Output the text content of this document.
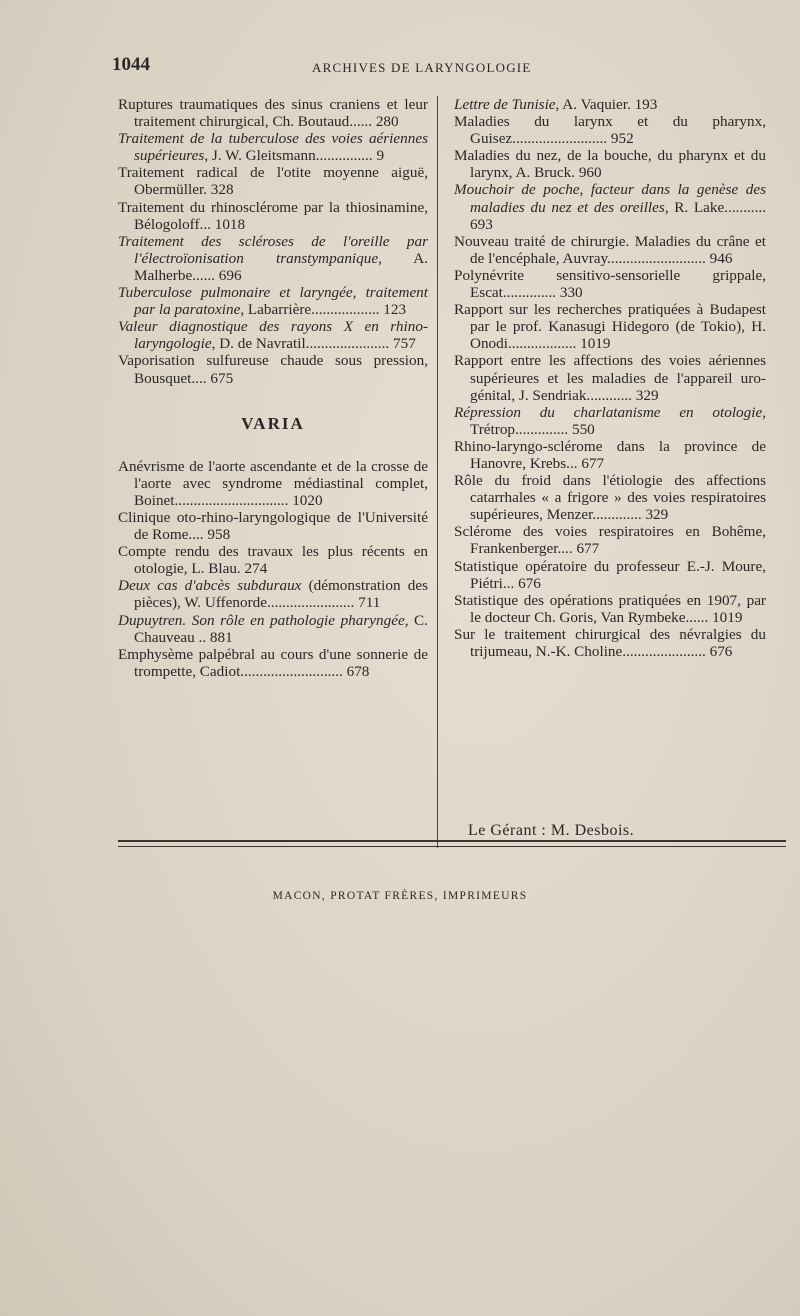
1044	ARCHIVES DE LARYNGOLOGIE

Ruptures traumatiques des sinus craniens et leur traitement chirurgical, Ch. Boutaud...... 280

Traitement de la tuberculose des voies aériennes supérieures, J. W. Gleitsmann............... 9

Traitement radical de l'otite moyenne aiguë, Obermüller. 328

Traitement du rhinosclérome par la thiosinamine, Bélogoloff... 1018

Traitement des scléroses de l'oreille par l'électroïonisation transtympanique, A. Malherbe...... 696

Tuberculose pulmonaire et laryngée, traitement par la paratoxine, Labarrière.................. 123

Valeur diagnostique des rayons X en rhino-laryngologie, D. de Navratil...................... 757

Vaporisation sulfureuse chaude sous pression, Bousquet.... 675

VARIA

Anévrisme de l'aorte ascendante et de la crosse de l'aorte avec syndrome médiastinal complet, Boinet.............................. 1020

Clinique oto-rhino-laryngologique de l'Université de Rome.... 958

Compte rendu des travaux les plus récents en otologie, L. Blau. 274

Deux cas d'abcès subduraux (démonstration des pièces), W. Uffenorde....................... 711

Dupuytren. Son rôle en pathologie pharyngée, C. Chauveau .. 881

Emphysème palpébral au cours d'une sonnerie de trompette, Cadiot........................... 678

Lettre de Tunisie, A. Vaquier. 193

Maladies du larynx et du pharynx, Guisez......................... 952

Maladies du nez, de la bouche, du pharynx et du larynx, A. Bruck. 960

Mouchoir de poche, facteur dans la genèse des maladies du nez et des oreilles, R. Lake........... 693

Nouveau traité de chirurgie. Maladies du crâne et de l'encéphale, Auvray.......................... 946

Polynévrite sensitivo-sensorielle grippale, Escat.............. 330

Rapport sur les recherches pratiquées à Budapest par le prof. Kanasugi Hidegoro (de Tokio), H. Onodi.................. 1019

Rapport entre les affections des voies aériennes supérieures et les maladies de l'appareil uro-génital, J. Sendriak............ 329

Répression du charlatanisme en otologie, Trétrop.............. 550

Rhino-laryngo-sclérome dans la province de Hanovre, Krebs... 677

Rôle du froid dans l'étiologie des affections catarrhales « a frigore » des voies respiratoires supérieures, Menzer............. 329

Sclérome des voies respiratoires en Bohême, Frankenberger.... 677

Statistique opératoire du professeur E.-J. Moure, Piétri... 676

Statistique des opérations pratiquées en 1907, par le docteur Ch. Goris, Van Rymbeke...... 1019

Sur le traitement chirurgical des névralgies du trijumeau, N.-K. Choline...................... 676

Le Gérant : M. Desbois.
MACON, PROTAT FRÈRES, IMPRIMEURS
